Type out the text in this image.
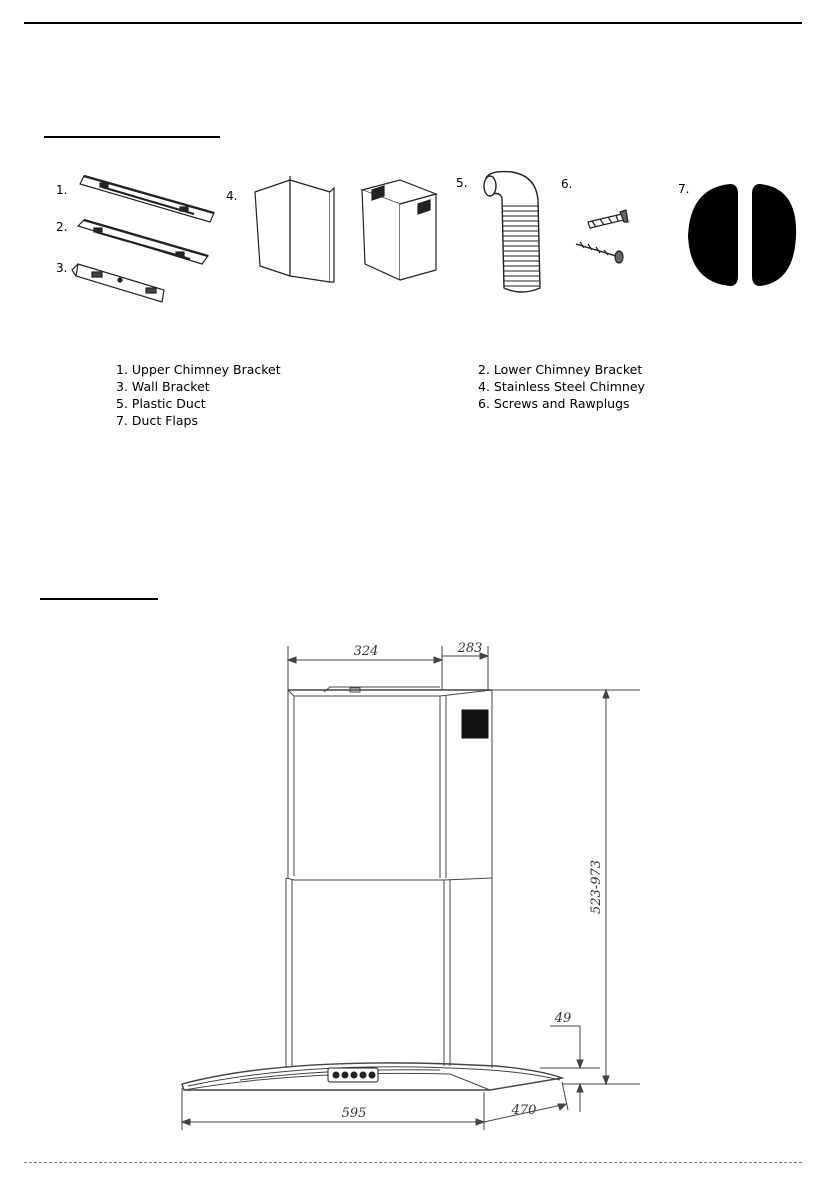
1.
2.
3.
4.
5.	6.	7.
1. Upper Chimney Bracket
3. Wall Bracket
5. Plastic Duct
7. Duct Flaps
2. Lower Chimney Bracket
4. Stainless Steel Chimney
6. Screws and Rawplugs
324	283
523-973
49
595	470
